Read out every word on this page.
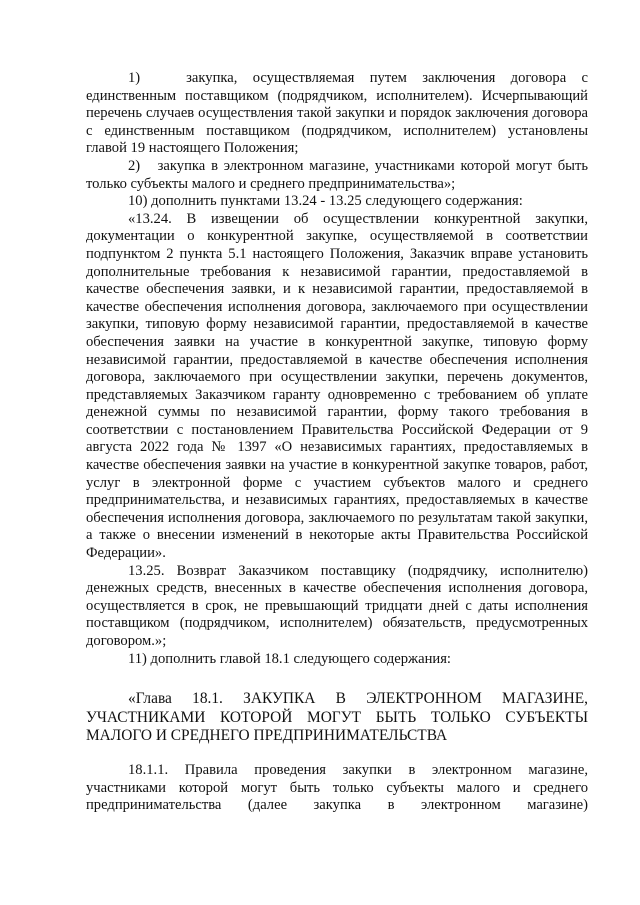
1)   закупка, осуществляемая путем заключения договора с единственным поставщиком (подрядчиком, исполнителем). Исчерпывающий перечень случаев осуществления такой закупки и порядок заключения договора с единственным поставщиком (подрядчиком, исполнителем) установлены главой 19 настоящего Положения;

2)   закупка в электронном магазине, участниками которой могут быть только субъекты малого и среднего предпринимательства»;

10) дополнить пунктами 13.24 - 13.25 следующего содержания:

«13.24. В извещении об осуществлении конкурентной закупки, документации о конкурентной закупке, осуществляемой в соответствии подпунктом 2 пункта 5.1 настоящего Положения, Заказчик вправе установить дополнительные требования к независимой гарантии, предоставляемой в качестве обеспечения заявки, и к независимой гарантии, предоставляемой в качестве обеспечения исполнения договора, заключаемого при осуществлении закупки, типовую форму независимой гарантии, предоставляемой в качестве обеспечения заявки на участие в конкурентной закупке, типовую форму независимой гарантии, предоставляемой в качестве обеспечения исполнения договора, заключаемого при осуществлении закупки, перечень документов, представляемых Заказчиком гаранту одновременно с требованием об уплате денежной суммы по независимой гарантии, форму такого требования в соответствии с постановлением Правительства Российской Федерации от 9 августа 2022 года № 1397 «О независимых гарантиях, предоставляемых в качестве обеспечения заявки на участие в конкурентной закупке товаров, работ, услуг в электронной форме с участием субъектов малого и среднего предпринимательства, и независимых гарантиях, предоставляемых в качестве обеспечения исполнения договора, заключаемого по результатам такой закупки, а также о внесении изменений в некоторые акты Правительства Российской Федерации».

13.25. Возврат Заказчиком поставщику (подрядчику, исполнителю) денежных средств, внесенных в качестве обеспечения исполнения договора, осуществляется в срок, не превышающий тридцати дней с даты исполнения поставщиком (подрядчиком, исполнителем) обязательств, предусмотренных договором.»;

11) дополнить главой 18.1 следующего содержания:

«Глава 18.1. ЗАКУПКА В ЭЛЕКТРОННОМ МАГАЗИНЕ, УЧАСТНИКАМИ КОТОРОЙ МОГУТ БЫТЬ ТОЛЬКО СУБЪЕКТЫ МАЛОГО И СРЕДНЕГО ПРЕДПРИНИМАТЕЛЬСТВА

18.1.1. Правила проведения закупки в электронном магазине, участниками которой могут быть только субъекты малого и среднего предпринимательства (далее закупка в электронном магазине)
